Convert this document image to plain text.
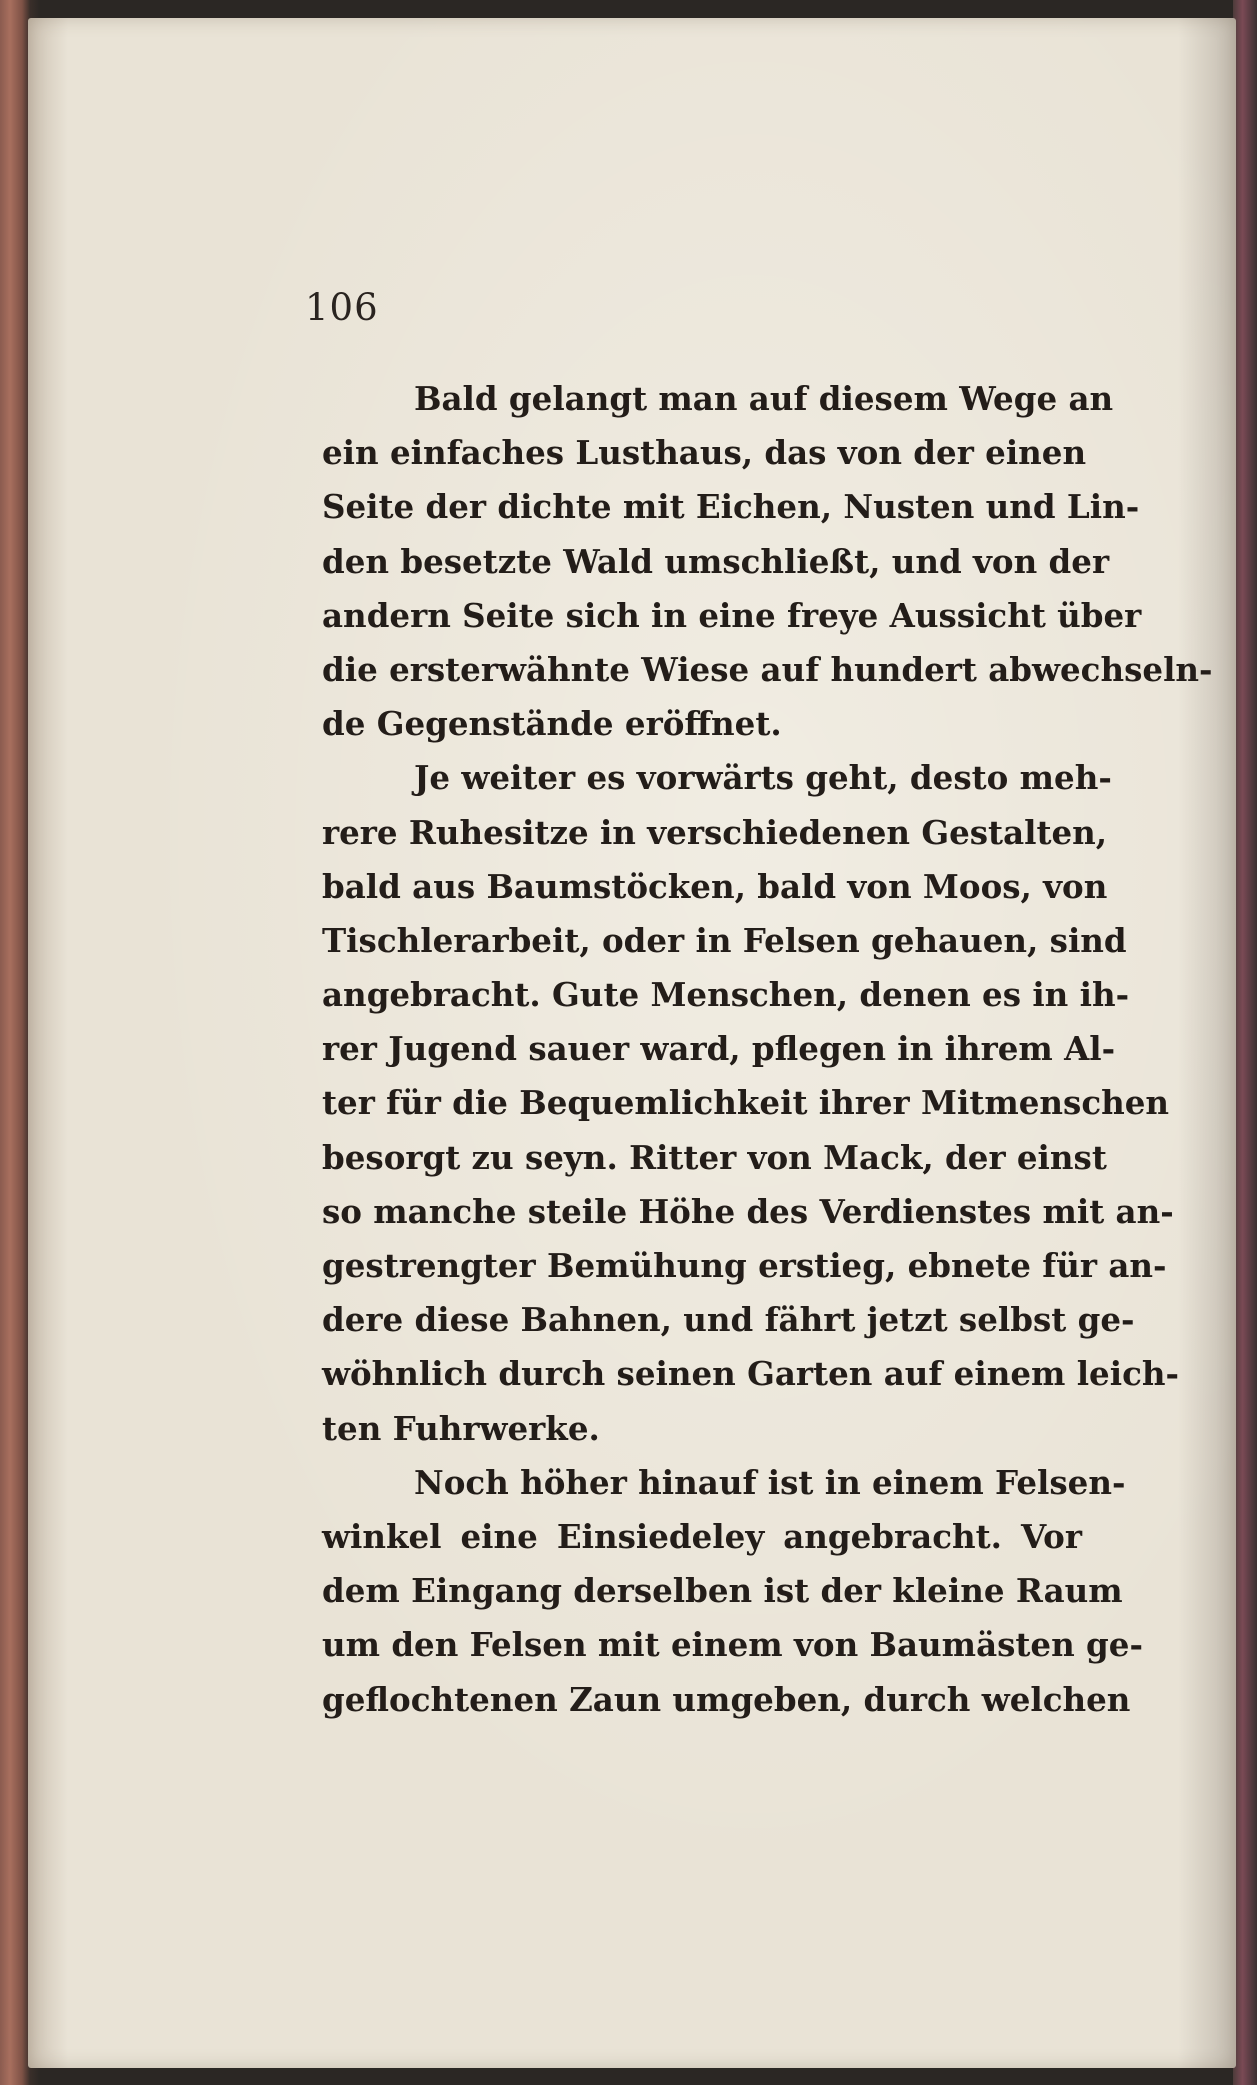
106
Bald gelangt man auf diesem Wege an
ein einfaches Lusthaus, das von der einen
Seite der dichte mit Eichen, Nusten und Lin-
den besetzte Wald umschließt, und von der
andern Seite sich in eine freye Aussicht über
die ersterwähnte Wiese auf hundert abwechseln-
de Gegenstände eröffnet.
Je weiter es vorwärts geht, desto meh-
rere Ruhesitze in verschiedenen Gestalten,
bald aus Baumstöcken, bald von Moos, von
Tischlerarbeit, oder in Felsen gehauen, sind
angebracht. Gute Menschen, denen es in ih-
rer Jugend sauer ward, pflegen in ihrem Al-
ter für die Bequemlichkeit ihrer Mitmenschen
besorgt zu seyn. Ritter von Mack, der einst
so manche steile Höhe des Verdienstes mit an-
gestrengter Bemühung erstieg, ebnete für an-
dere diese Bahnen, und fährt jetzt selbst ge-
wöhnlich durch seinen Garten auf einem leich-
ten Fuhrwerke.
Noch höher hinauf ist in einem Felsen-
winkel eine Einsiedeley angebracht. Vor
dem Eingang derselben ist der kleine Raum
um den Felsen mit einem von Baumästen ge-
geflochtenen Zaun umgeben, durch welchen
